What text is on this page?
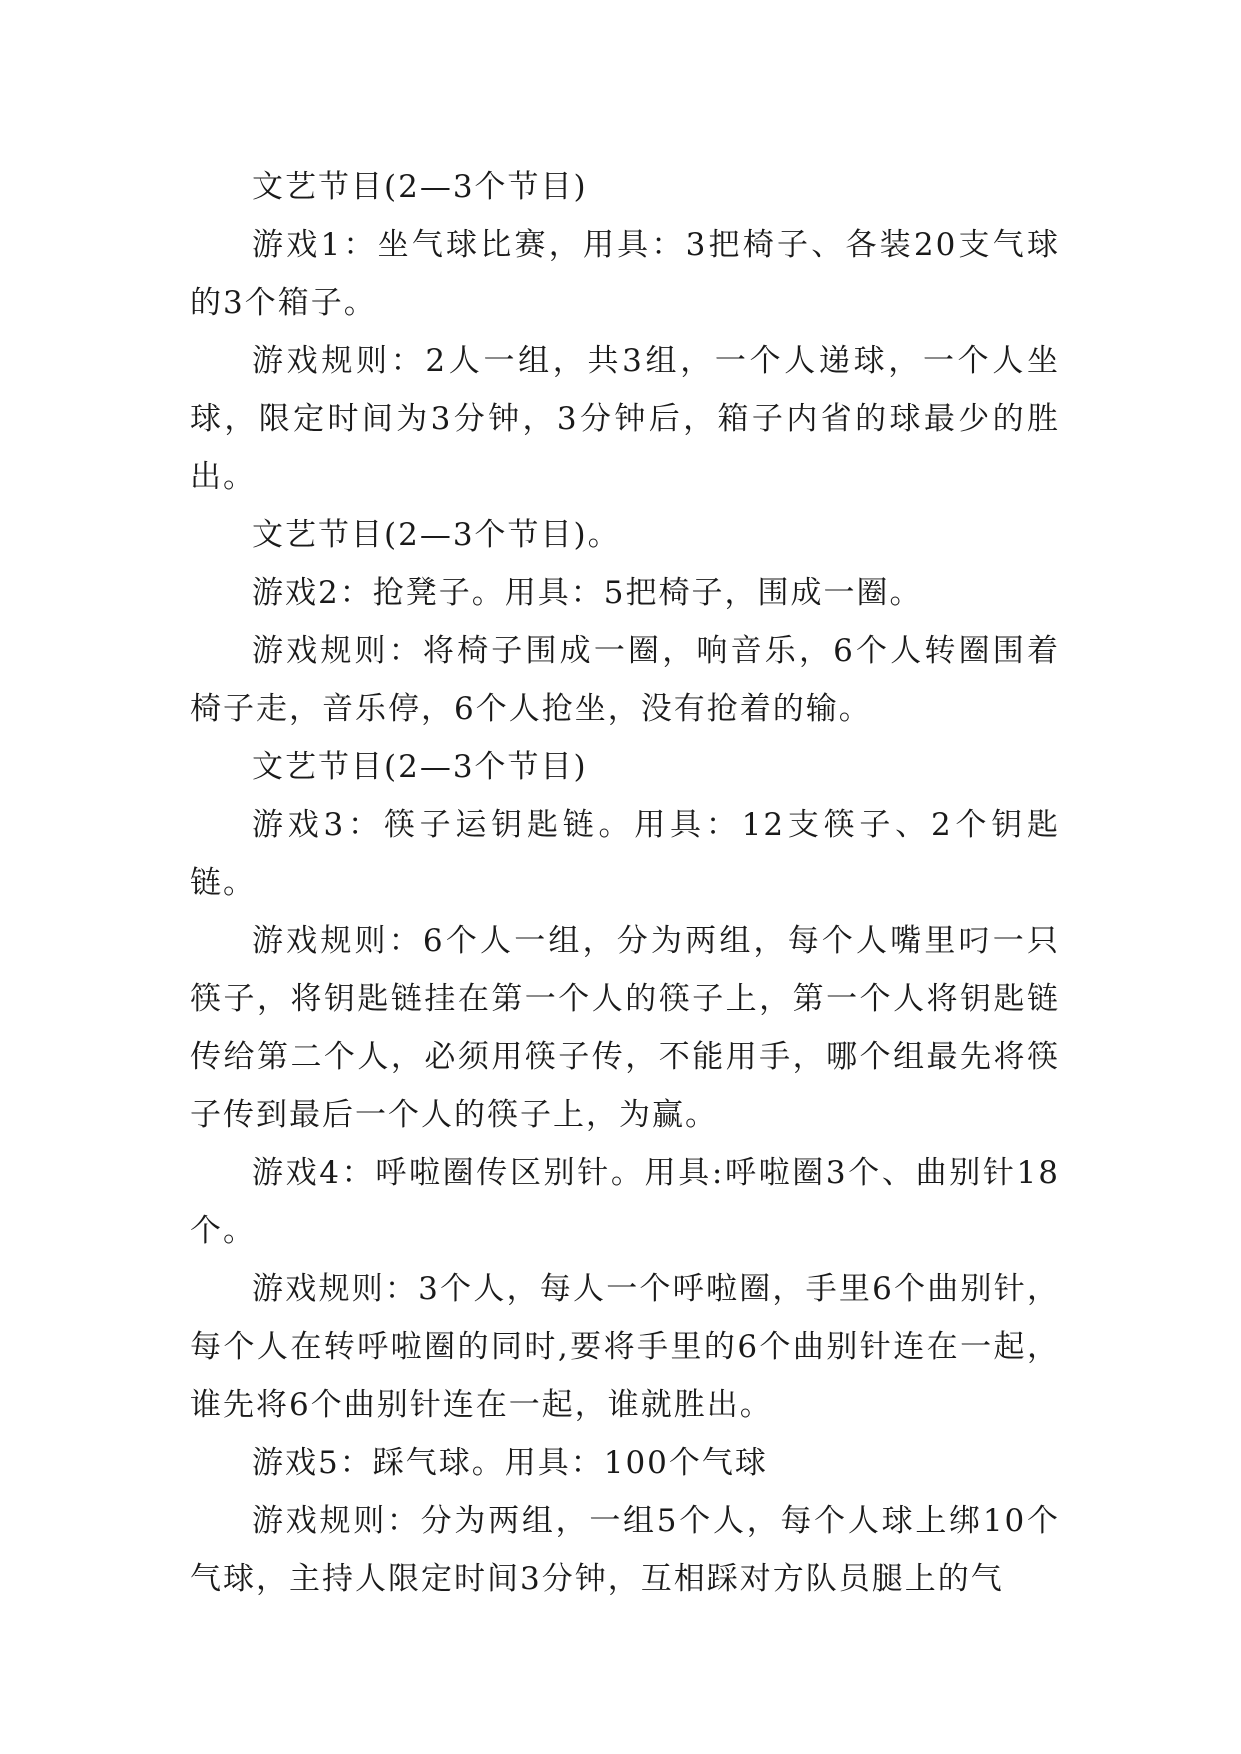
文艺节目(2—3个节目)

游戏1：坐气球比赛，用具：3把椅子、各装20支气球的3个箱子。

游戏规则：2人一组，共3组，一个人递球，一个人坐球，限定时间为3分钟，3分钟后，箱子内省的球最少的胜出。

文艺节目(2—3个节目)。

游戏2：抢凳子。用具：5把椅子，围成一圈。

游戏规则：将椅子围成一圈，响音乐，6个人转圈围着椅子走，音乐停，6个人抢坐，没有抢着的输。

文艺节目(2—3个节目)

游戏3：筷子运钥匙链。用具：12支筷子、2个钥匙链。

游戏规则：6个人一组，分为两组，每个人嘴里叼一只筷子，将钥匙链挂在第一个人的筷子上，第一个人将钥匙链传给第二个人，必须用筷子传，不能用手，哪个组最先将筷子传到最后一个人的筷子上，为赢。

游戏4：呼啦圈传区别针。用具:呼啦圈3个、曲别针18个。

游戏规则：3个人，每人一个呼啦圈，手里6个曲别针，每个人在转呼啦圈的同时,要将手里的6个曲别针连在一起，谁先将6个曲别针连在一起，谁就胜出。

游戏5：踩气球。用具：100个气球

游戏规则：分为两组，一组5个人，每个人球上绑10个气球，主持人限定时间3分钟，互相踩对方队员腿上的气
